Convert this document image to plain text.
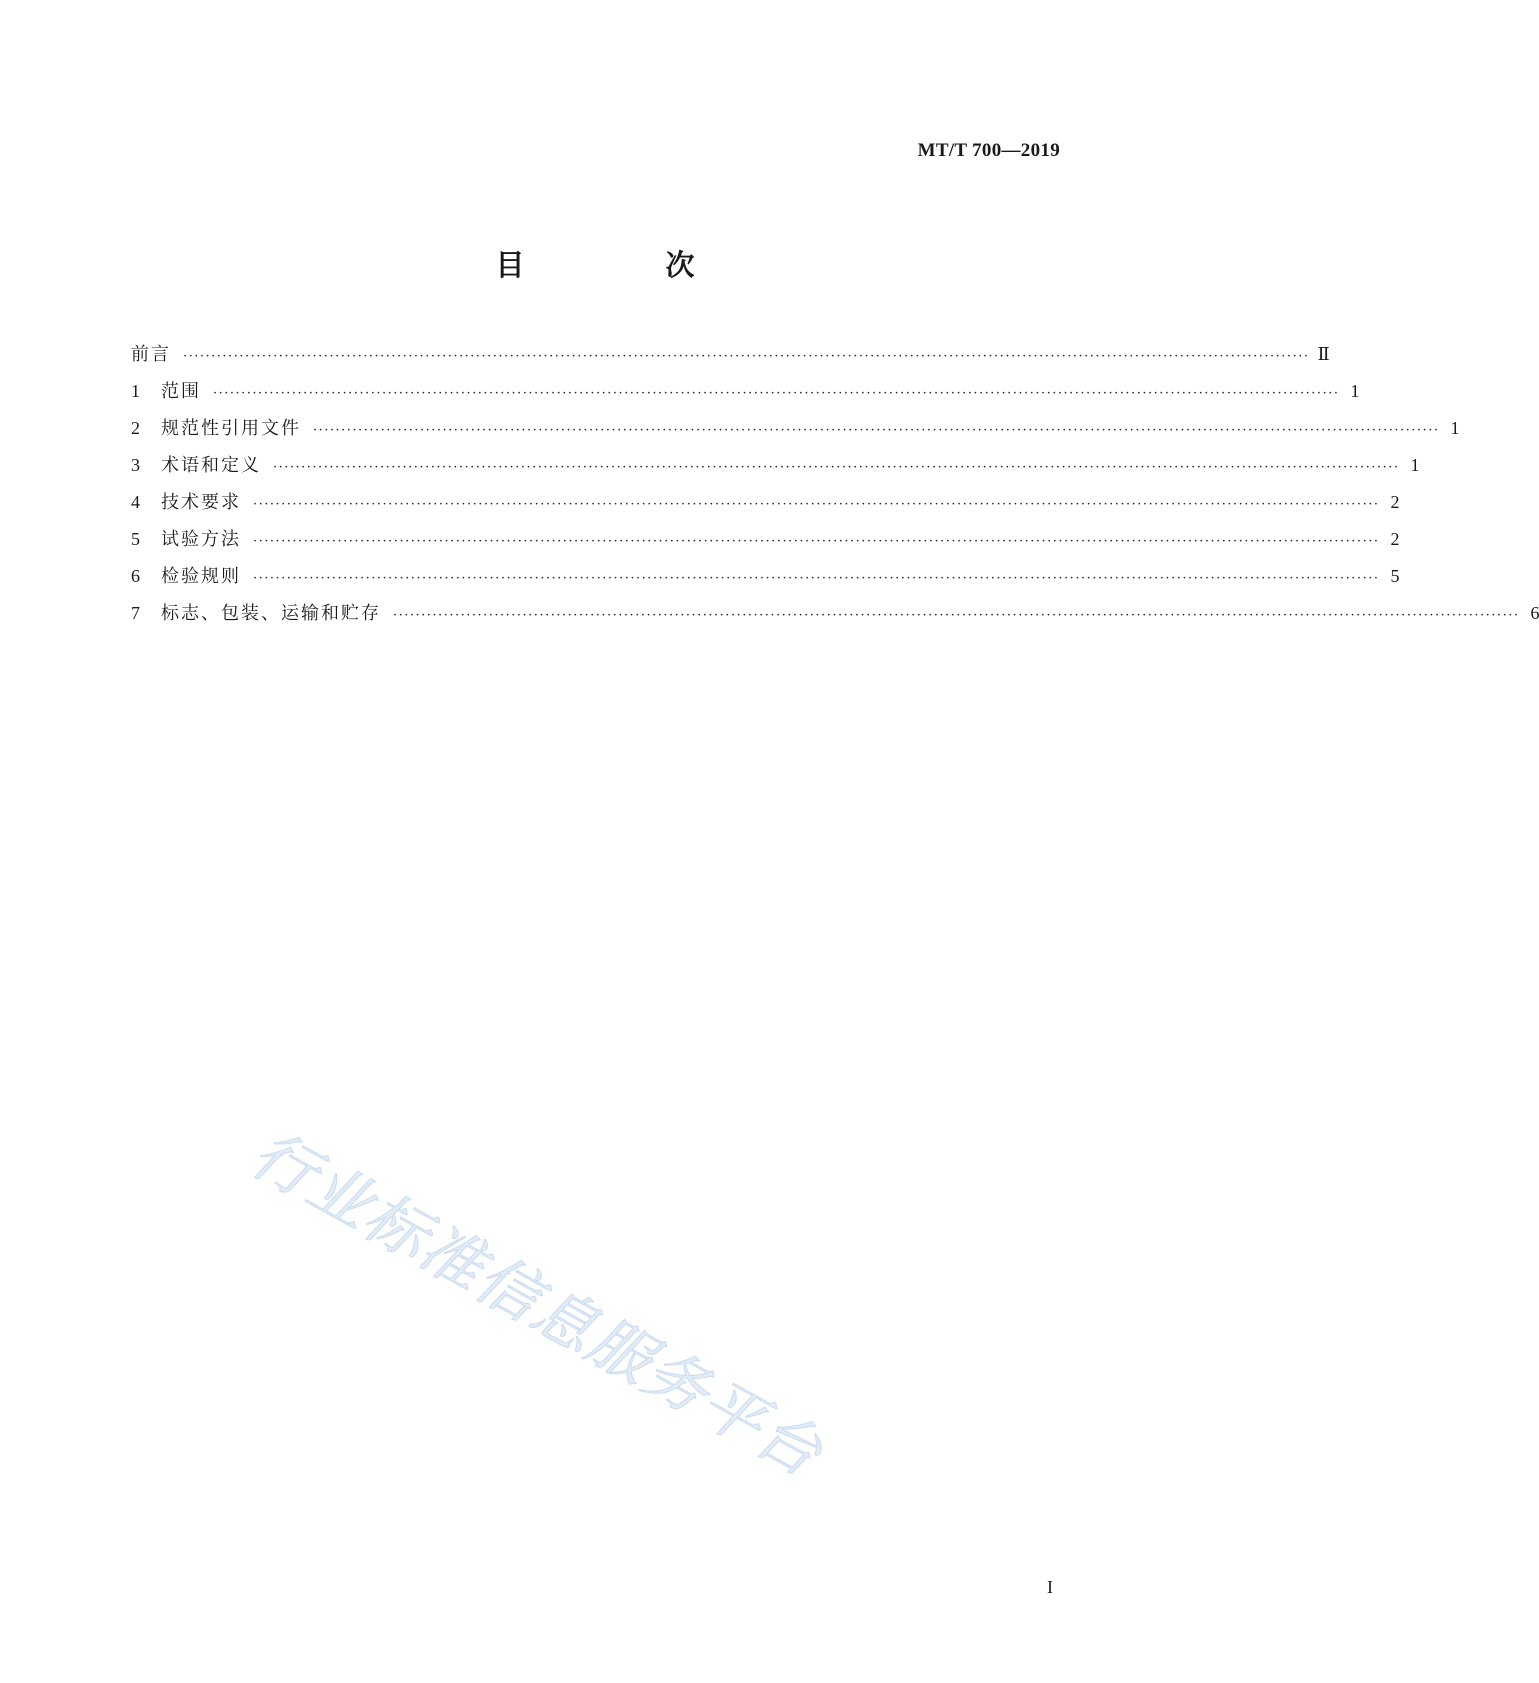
MT/T 700—2019
目　次
前言 ········································································································································································································ Ⅱ
1	范围 ········································································································································································································ 1
2	规范性引用文件 ········································································································································································································ 1
3	术语和定义 ········································································································································································································ 1
4	技术要求 ········································································································································································································ 2
5	试验方法 ········································································································································································································ 2
6	检验规则 ········································································································································································································ 5
7	标志、包装、运输和贮存 ········································································································································································································ 6
行业标准信息服务平台
I
